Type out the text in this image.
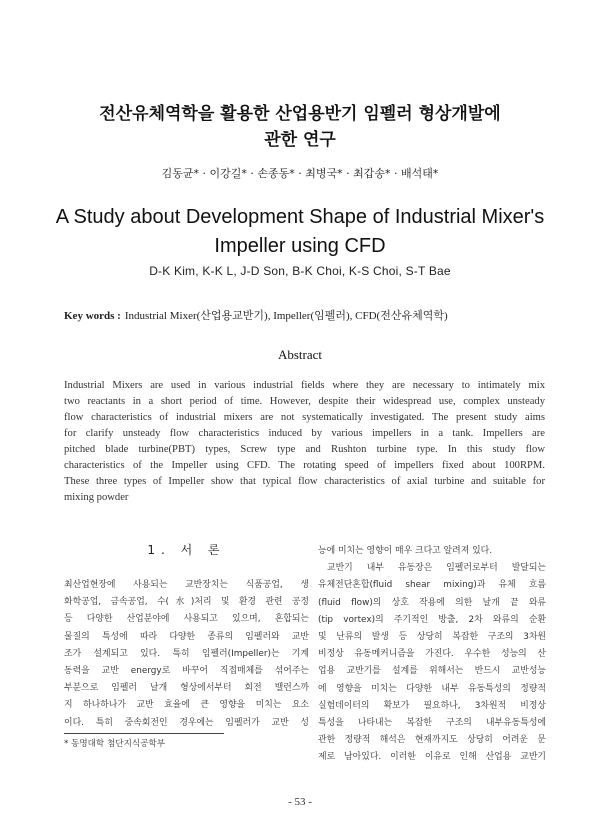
전산유체역학을 활용한 산업용반기 임펠러 형상개발에
관한 연구
김동균* · 이강길* · 손종동* · 최병국* · 최갑송* · 배석태*
A Study about Development Shape of Industrial Mixer's
Impeller using CFD
D-K Kim, K-K L, J-D Son, B-K Choi, K-S Choi, S-T Bae
Key words : Industrial Mixer(산업용교반기), Impeller(임펠러), CFD(전산유체역학)
Abstract
Industrial Mixers are used in various industrial fields where they are necessary to intimately mix
two reactants in a short period of time. However, despite their widespread use, complex unsteady
flow characteristics of industrial mixers are not systematically investigated. The present study aims
for clarify unsteady flow characteristics induced by various impellers in a tank. Impellers are
pitched blade turbine(PBT) types, Screw type and Rushton turbine type. In this study flow
characteristics of the Impeller using CFD. The rotating speed of impellers fixed about 100RPM.
These three types of Impeller show that typical flow characteristics of axial turbine and suitable for
mixing powder
1. 서 론
최산업현장에 사용되는 교반장치는 식품공업, 생
화학공업, 금속공업, 수(水)처리 및 환경 관련 공정
등 다양한 산업분야에 사용되고 있으며, 혼합되는
물질의 특성에 따라 다양한 종류의 임펠러와 교반
조가 설계되고 있다. 특히 임펠러(Impeller)는 기계
동력을 교반 energy로 바꾸어 직접매체를 섞어주는
부분으로 임펠러 날개 형상에서부터 회전 밸런스까
지 하나하나가 교반 효율에 큰 영향을 미치는 요소
이다. 특히 중속회전인 경우에는 임펠러가 교반 성
능에 미치는 영향이 매우 크다고 알려져 있다.
교반기 내부 유동장은 임펠러로부터 발달되는
유체전단혼합(fluid shear mixing)과 유체 흐름
(fluid flow)의 상호 작용에 의한 날개 끝 와류
(tip vortex)의 주기적인 방출, 2차 와류의 순환
및 난류의 발생 등 상당히 복잡한 구조의 3차원
비정상 유동메커니즘을 가진다. 우수한 성능의 산
업용 교반기를 설계를 위해서는 반드시 교반성능
에 영향을 미치는 다양한 내부 유동특성의 정량적
실험데이터의 확보가 필요하나, 3차원적 비정상
특성을 나타내는 복잡한 구조의 내부유동특성에
관한 정량적 해석은 현재까지도 상당히 어려운 문
제로 남아있다. 이러한 이유로 인해 산업용 교반기
* 동명대학 첨단지식공학부
- 53 -
